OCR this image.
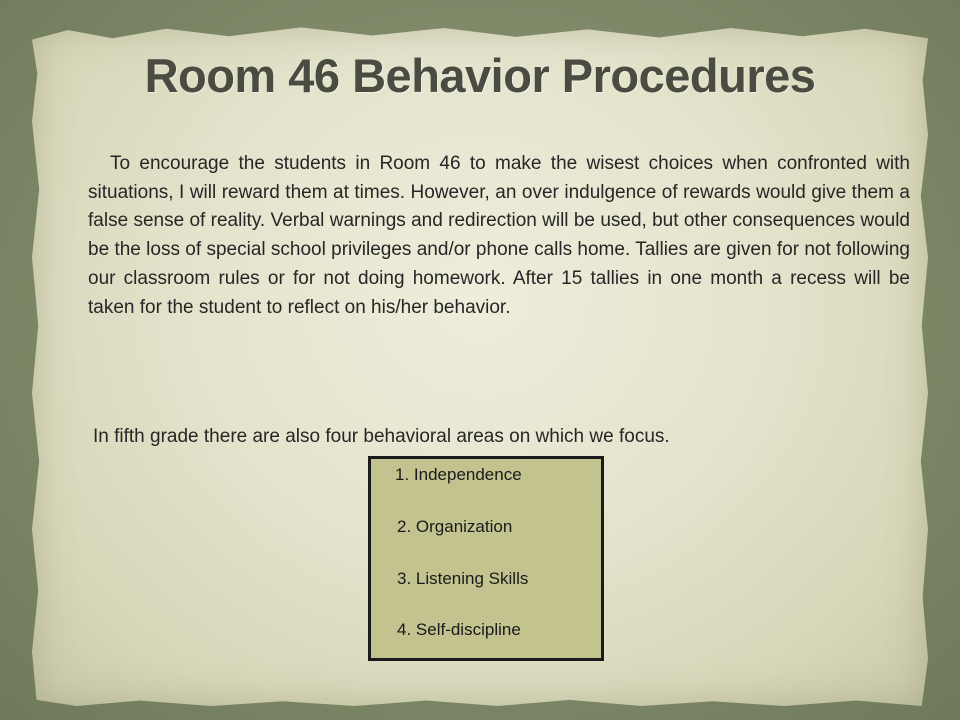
Room 46 Behavior Procedures

To encourage the students in Room 46 to make the wisest choices when confronted with situations, I will reward them at times. However, an over indulgence of rewards would give them a false sense of reality. Verbal warnings and redirection will be used, but other consequences would be the loss of special school privileges and/or phone calls home. Tallies are given for not following our classroom rules or for not doing homework. After 15 tallies in one month a recess will be taken for the student to reflect on his/her behavior.

In fifth grade there are also four behavioral areas on which we focus.

1. Independence
2. Organization
3. Listening Skills
4. Self-discipline
